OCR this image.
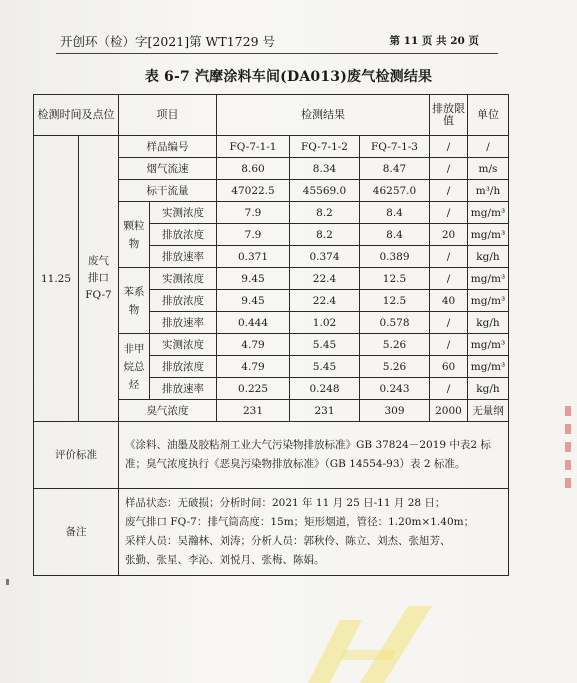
开创环（检）字[2021]第 WT1729 号	第 11 页 共 20 页
表 6-7 汽摩涂料车间(DA013)废气检测结果
检测时间及点位		项目		检测结果			排放限值	单位
11.25	废气排口FQ-7	样品编号		FQ-7-1-1	FQ-7-1-2	FQ-7-1-3	/	/
		烟气流速		8.60	8.34	8.47	/	m/s
		标干流量		47022.5	45569.0	46257.0	/	m³/h
		颗粒物	实测浓度	7.9	8.2	8.4	/	mg/m³
			排放浓度	7.9	8.2	8.4	20	mg/m³
			排放速率	0.371	0.374	0.389	/	kg/h
		苯系物	实测浓度	9.45	22.4	12.5	/	mg/m³
			排放浓度	9.45	22.4	12.5	40	mg/m³
			排放速率	0.444	1.02	0.578	/	kg/h
		非甲烷总烃	实测浓度	4.79	5.45	5.26	/	mg/m³
			排放浓度	4.79	5.45	5.26	60	mg/m³
			排放速率	0.225	0.248	0.243	/	kg/h
		臭气浓度		231	231	309	2000	无量纲
评价标准		《涂料、油墨及胶粘剂工业大气污染物排放标准》GB 37824－2019 中表2 标准；臭气浓度执行《恶臭污染物排放标准》（GB 14554-93）表 2 标准。						
备注		样品状态：无破损；分析时间：2021 年 11 月 25 日-11 月 28 日；
废气排口 FQ-7：排气筒高度：15m；矩形烟道，管径：1.20m×1.40m；
采样人员：吴瀚林、刘涛；分析人员：郭秋伶、陈立、刘杰、张旭芳、
张勤、张星、李沁、刘悦月、张梅、陈娟。						
